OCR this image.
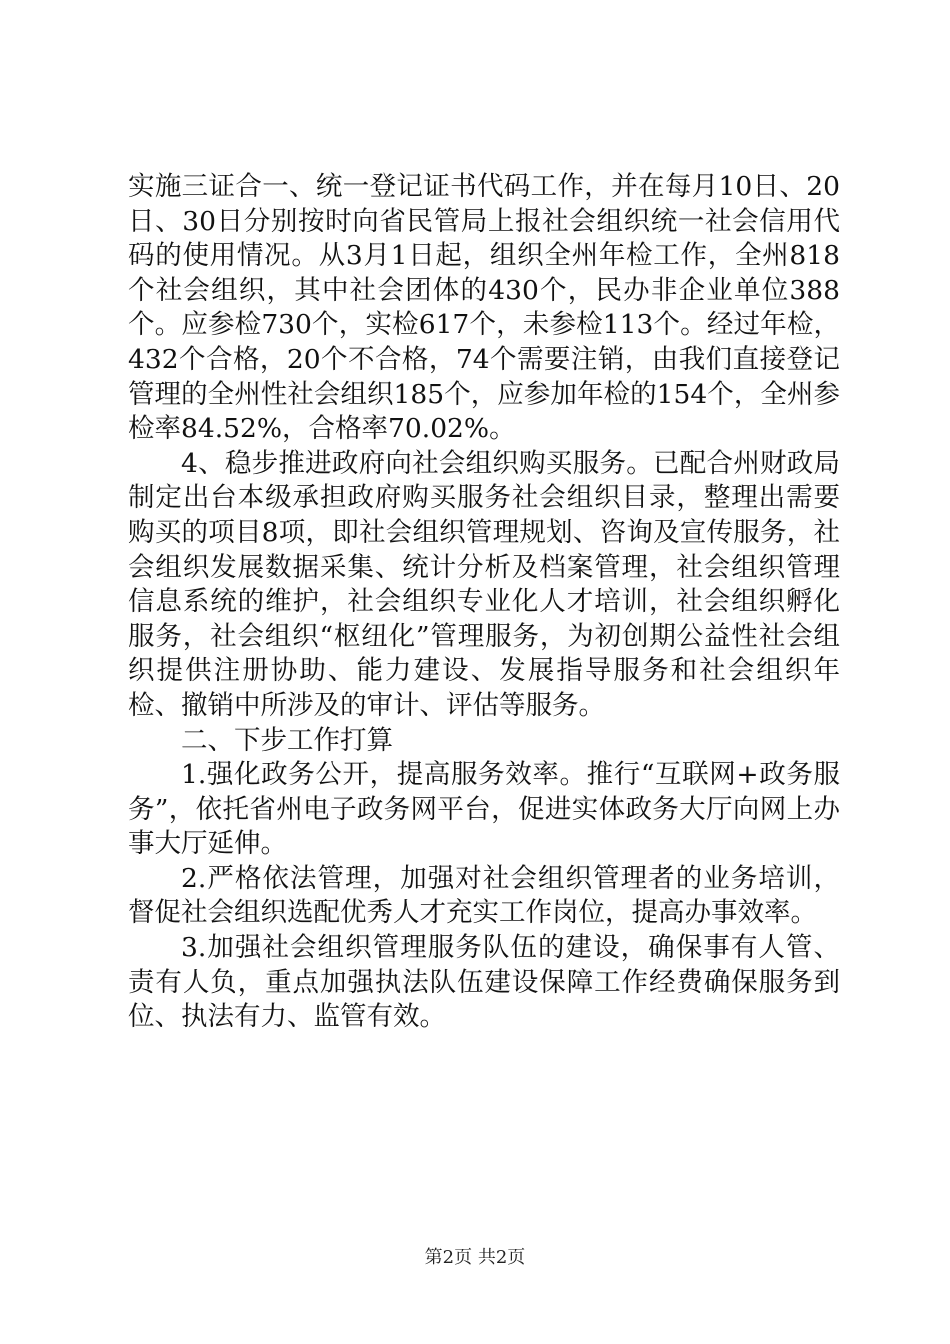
实施三证合一、统一登记证书代码工作，并在每月10日、20日、30日分别按时向省民管局上报社会组织统一社会信用代码的使用情况。从3月1日起，组织全州年检工作，全州818个社会组织，其中社会团体的430个，民办非企业单位388个。应参检730个，实检617个，未参检113个。经过年检，432个合格，20个不合格，74个需要注销，由我们直接登记管理的全州性社会组织185个，应参加年检的154个，全州参检率84.52%，合格率70.02%。

4、稳步推进政府向社会组织购买服务。已配合州财政局制定出台本级承担政府购买服务社会组织目录，整理出需要购买的项目8项，即社会组织管理规划、咨询及宣传服务，社会组织发展数据采集、统计分析及档案管理，社会组织管理信息系统的维护，社会组织专业化人才培训，社会组织孵化服务，社会组织“枢纽化”管理服务，为初创期公益性社会组织提供注册协助、能力建设、发展指导服务和社会组织年检、撤销中所涉及的审计、评估等服务。

二、下步工作打算

1.强化政务公开，提高服务效率。推行“互联网+政务服务”，依托省州电子政务网平台，促进实体政务大厅向网上办事大厅延伸。

2.严格依法管理，加强对社会组织管理者的业务培训，督促社会组织选配优秀人才充实工作岗位，提高办事效率。

3.加强社会组织管理服务队伍的建设，确保事有人管、责有人负，重点加强执法队伍建设保障工作经费确保服务到位、执法有力、监管有效。

第2页 共2页
